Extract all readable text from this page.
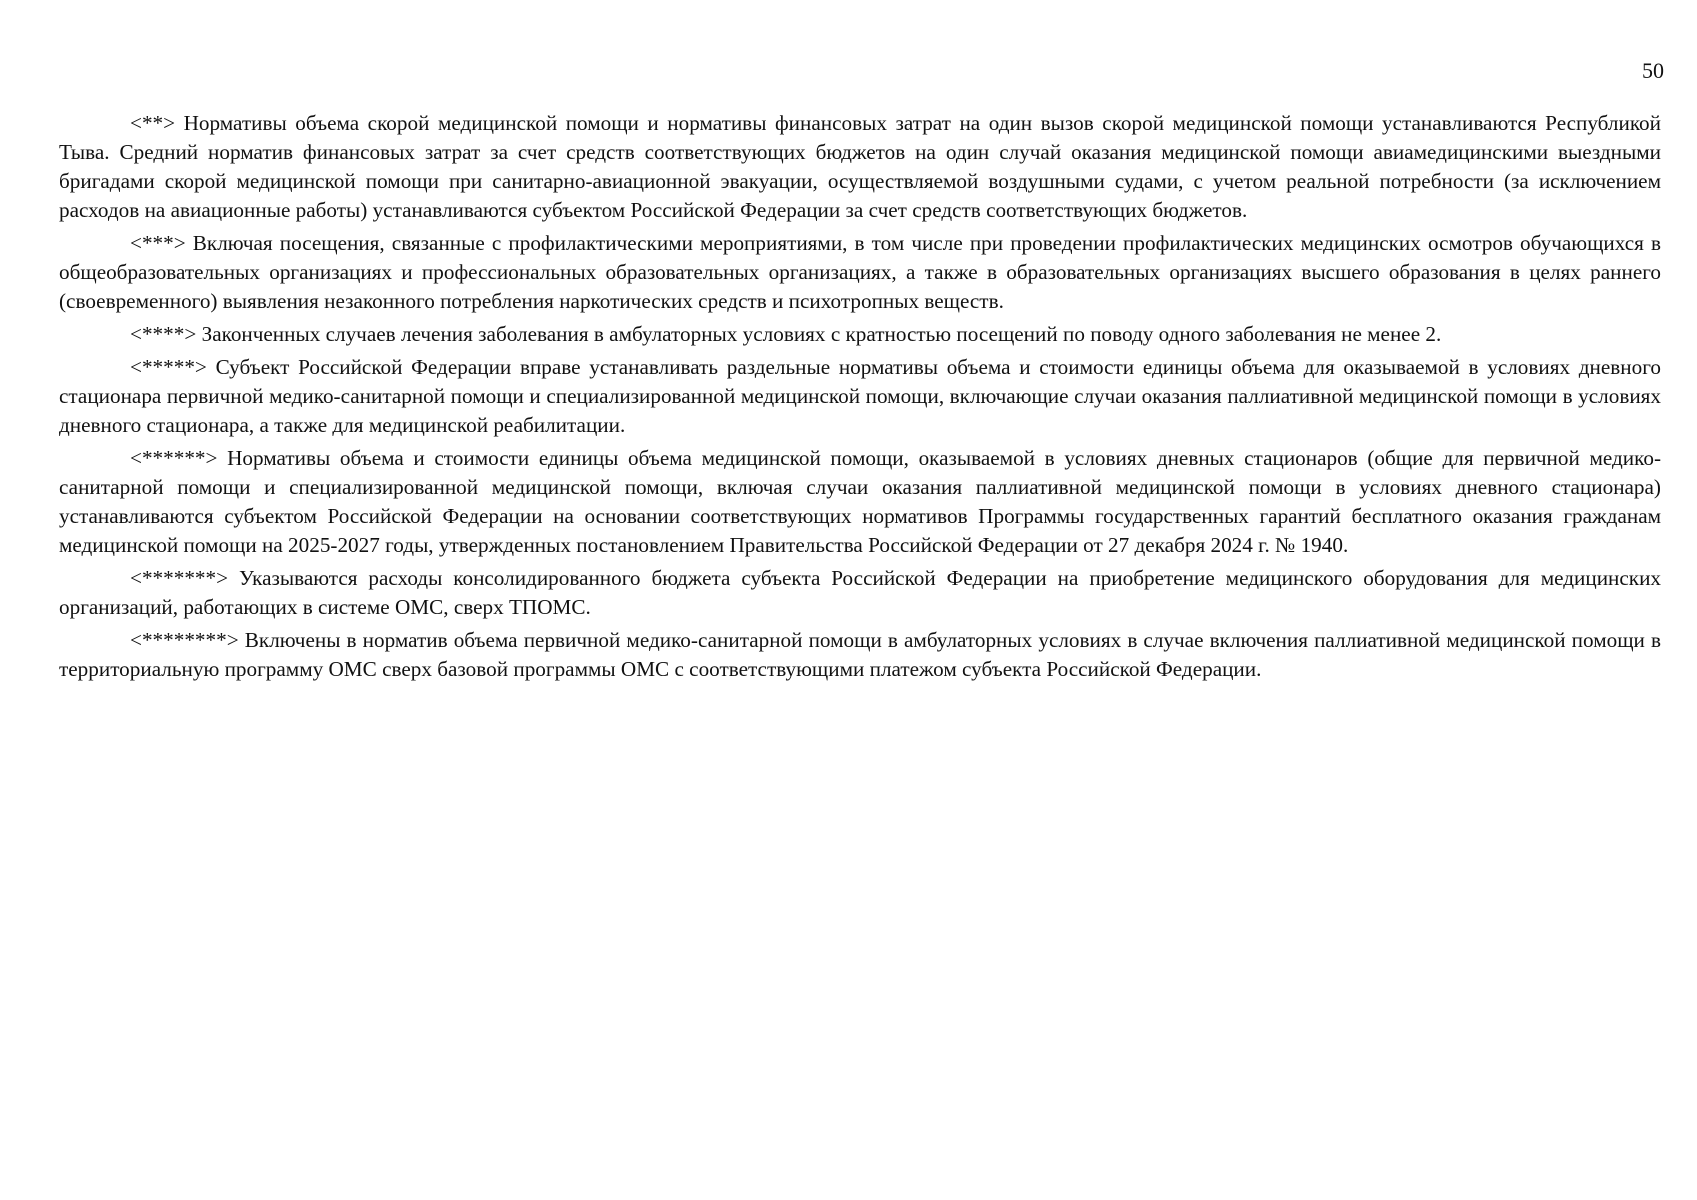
50

<**> Нормативы объема скорой медицинской помощи и нормативы финансовых затрат на один вызов скорой медицинской помощи устанавливаются Республикой Тыва. Средний норматив финансовых затрат за счет средств соответствующих бюджетов на один случай оказания медицинской помощи авиамедицинскими выездными бригадами скорой медицинской помощи при санитарно-авиационной эвакуации, осуществляемой воздушными судами, с учетом реальной потребности (за исключением расходов на авиационные работы) устанавливаются субъектом Российской Федерации за счет средств соответствующих бюджетов.

<***> Включая посещения, связанные с профилактическими мероприятиями, в том числе при проведении профилактических медицинских осмотров обучающихся в общеобразовательных организациях и профессиональных образовательных организациях, а также в образовательных организациях высшего образования в целях раннего (своевременного) выявления незаконного потребления наркотических средств и психотропных веществ.

<****> Законченных случаев лечения заболевания в амбулаторных условиях с кратностью посещений по поводу одного заболевания не менее 2.

<*****> Субъект Российской Федерации вправе устанавливать раздельные нормативы объема и стоимости единицы объема для оказываемой в условиях дневного стационара первичной медико-санитарной помощи и специализированной медицинской помощи, включающие случаи оказания паллиативной медицинской помощи в условиях дневного стационара, а также для медицинской реабилитации.

<******> Нормативы объема и стоимости единицы объема медицинской помощи, оказываемой в условиях дневных стационаров (общие для первичной медико-санитарной помощи и специализированной медицинской помощи, включая случаи оказания паллиативной медицинской помощи в условиях дневного стационара) устанавливаются субъектом Российской Федерации на основании соответствующих нормативов Программы государственных гарантий бесплатного оказания гражданам медицинской помощи на 2025-2027 годы, утвержденных постановлением Правительства Российской Федерации от 27 декабря 2024 г. № 1940.

<*******> Указываются расходы консолидированного бюджета субъекта Российской Федерации на приобретение медицинского оборудования для медицинских организаций, работающих в системе ОМС, сверх ТПОМС.

<********> Включены в норматив объема первичной медико-санитарной помощи в амбулаторных условиях в случае включения паллиативной медицинской помощи в территориальную программу ОМС сверх базовой программы ОМС с соответствующими платежом субъекта Российской Федерации.
